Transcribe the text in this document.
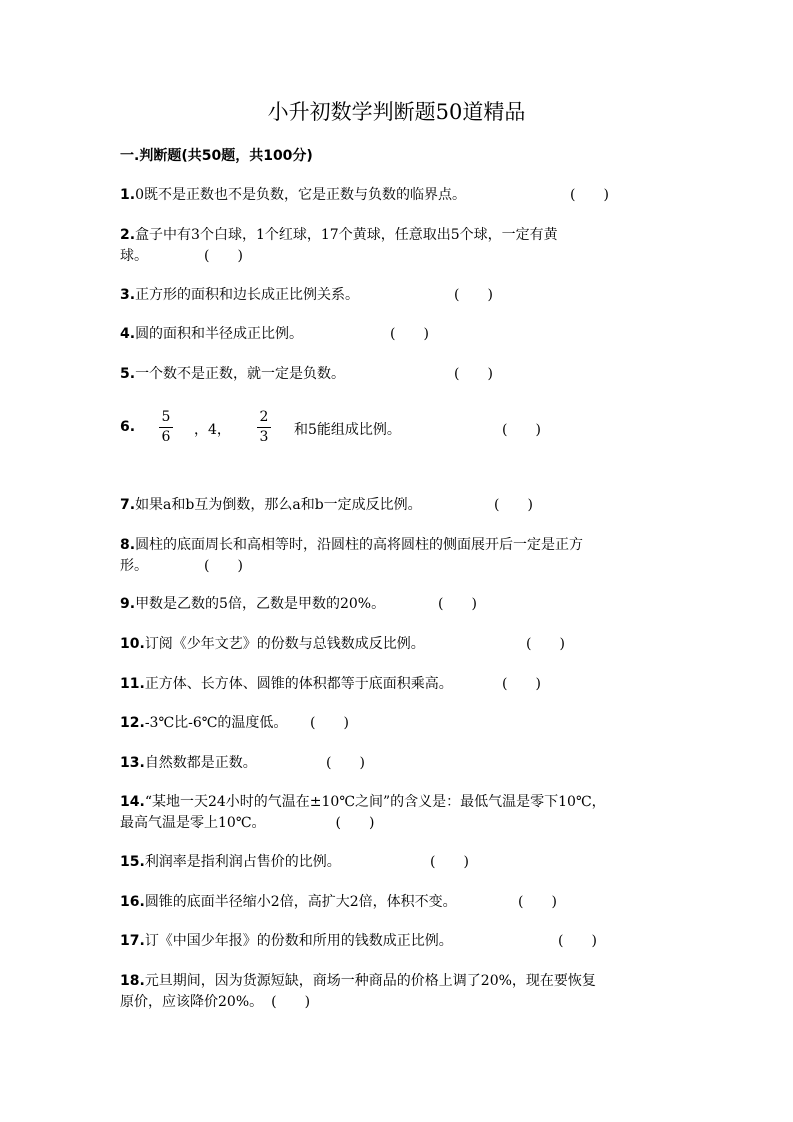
小升初数学判断题50道精品
一.判断题(共50题，共100分)
1.0既不是正数也不是负数，它是正数与负数的临界点。	(　　)
2.盒子中有3个白球，1个红球，17个黄球，任意取出5个球，一定有黄
球。	(　　)
3.正方形的面积和边长成正比例关系。	(　　)
4.圆的面积和半径成正比例。	(　　)
5.一个数不是正数，就一定是负数。	(　　)
6.
5
6	，4，
2
3	和5能组成比例。	(　　)
7.如果a和b互为倒数，那么a和b一定成反比例。	(　　)
8.圆柱的底面周长和高相等时，沿圆柱的高将圆柱的侧面展开后一定是正方
形。	(　　)
9.甲数是乙数的5倍，乙数是甲数的20%。	(　　)
10.订阅《少年文艺》的份数与总钱数成反比例。	(　　)
11.正方体、长方体、圆锥的体积都等于底面积乘高。	(　　)
12.-3℃比-6℃的温度低。 (　　)
13.自然数都是正数。	(　　)
14.“某地一天24小时的气温在±10℃之间”的含义是：最低气温是零下10℃，
最高气温是零上10℃。	(　　)
15.利润率是指利润占售价的比例。	(　　)
16.圆锥的底面半径缩小2倍，高扩大2倍，体积不变。	(　　)
17.订《中国少年报》的份数和所用的钱数成正比例。	(　　)
18.元旦期间，因为货源短缺，商场一种商品的价格上调了20%，现在要恢复
原价，应该降价20%。 (　　)
